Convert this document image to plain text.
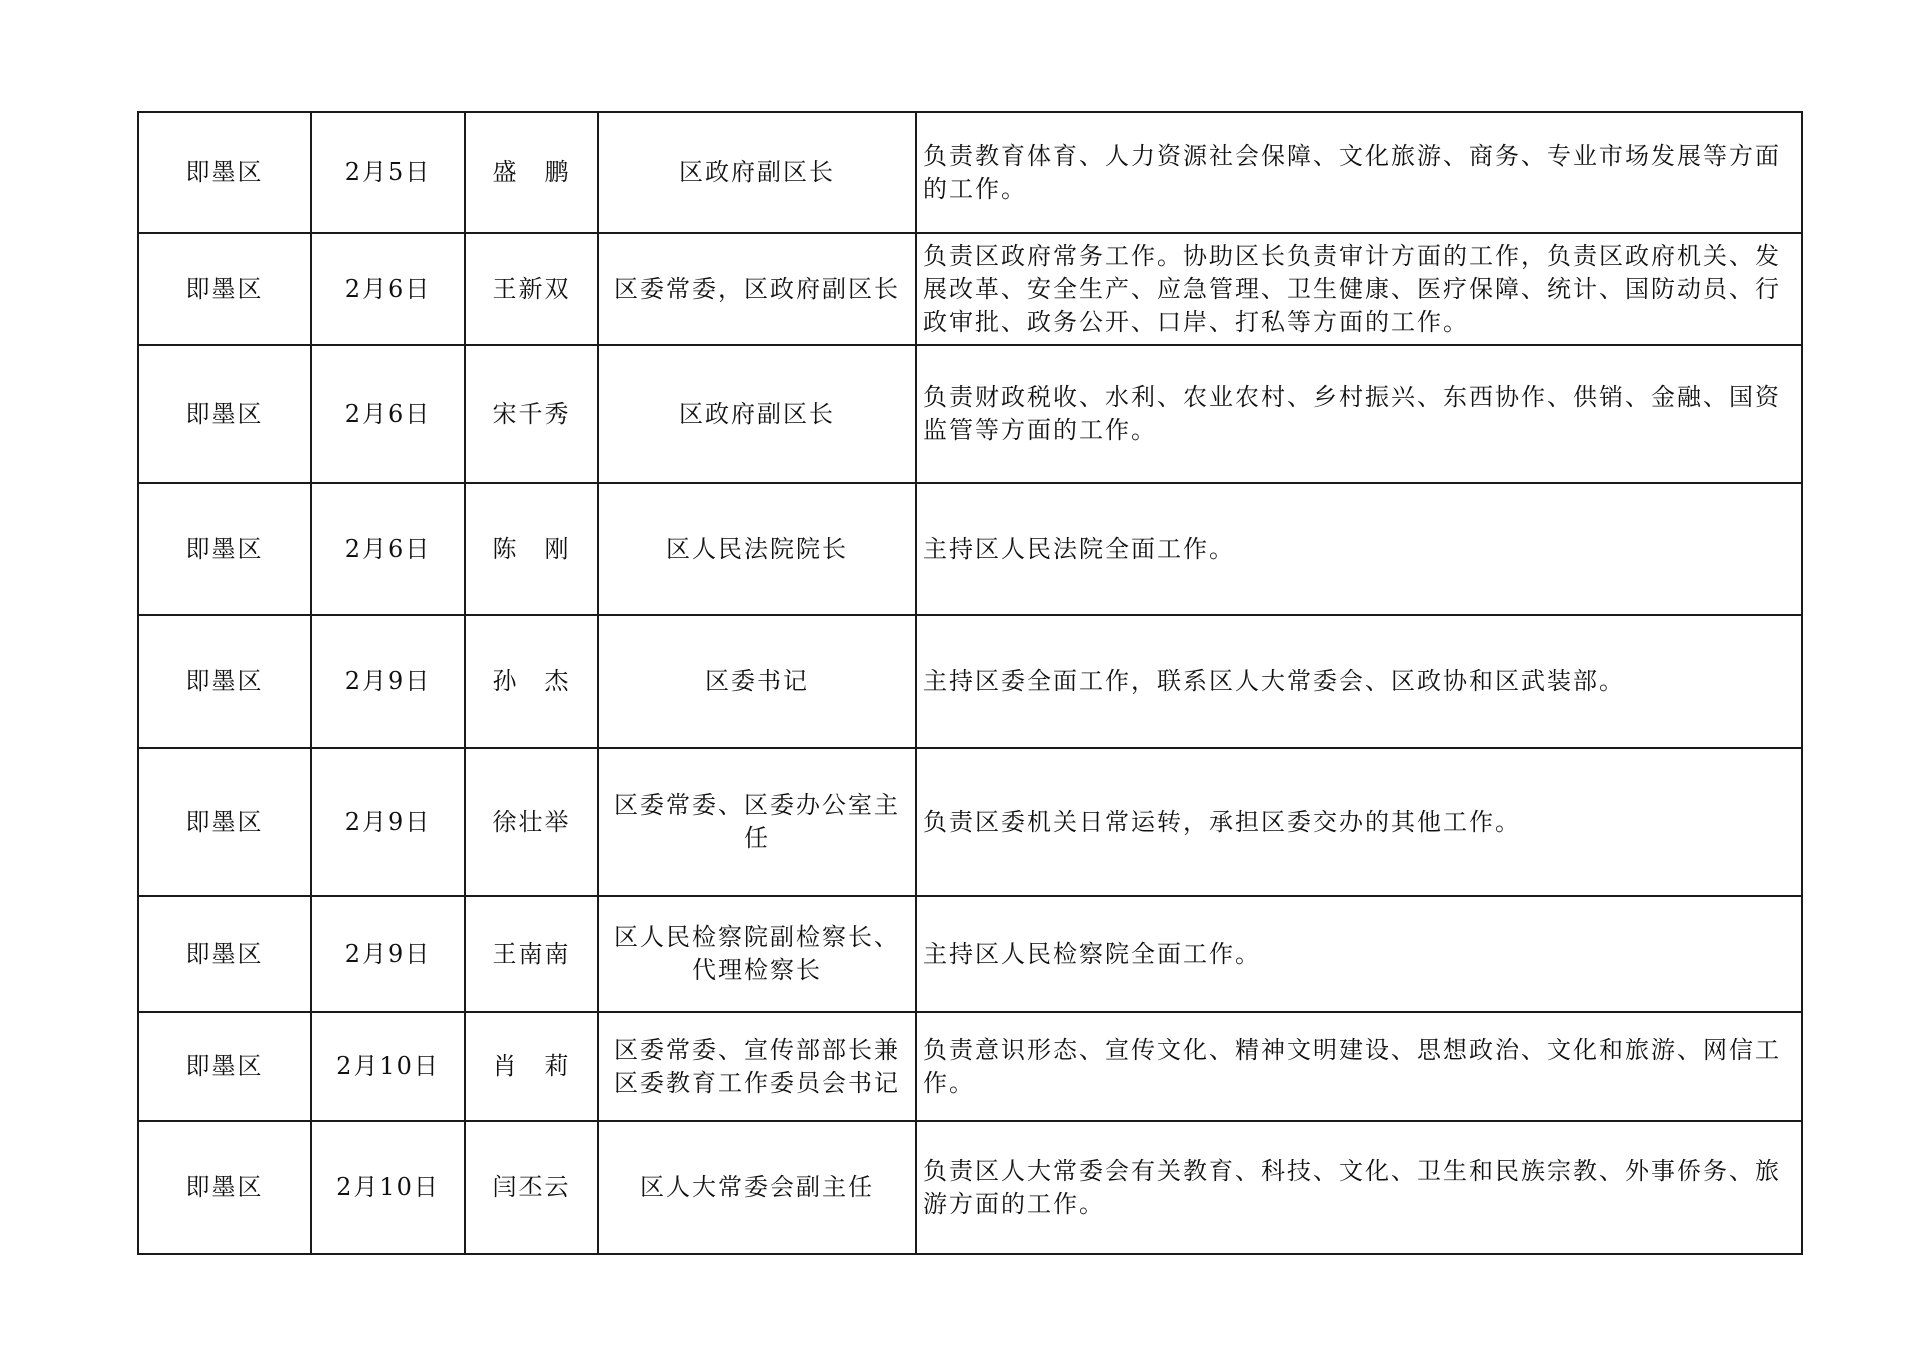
即墨区	2月5日	盛　鹏	区政府副区长	负责教育体育、人力资源社会保障、文化旅游、商务、专业市场发展等方面的工作。
即墨区	2月6日	王新双	区委常委，区政府副区长	负责区政府常务工作。协助区长负责审计方面的工作，负责区政府机关、发展改革、安全生产、应急管理、卫生健康、医疗保障、统计、国防动员、行政审批、政务公开、口岸、打私等方面的工作。
即墨区	2月6日	宋千秀	区政府副区长	负责财政税收、水利、农业农村、乡村振兴、东西协作、供销、金融、国资监管等方面的工作。
即墨区	2月6日	陈　刚	区人民法院院长	主持区人民法院全面工作。
即墨区	2月9日	孙　杰	区委书记	主持区委全面工作，联系区人大常委会、区政协和区武装部。
即墨区	2月9日	徐壮举	区委常委、区委办公室主任	负责区委机关日常运转，承担区委交办的其他工作。
即墨区	2月9日	王南南	区人民检察院副检察长、代理检察长	主持区人民检察院全面工作。
即墨区	2月10日	肖　莉	区委常委、宣传部部长兼区委教育工作委员会书记	负责意识形态、宣传文化、精神文明建设、思想政治、文化和旅游、网信工作。
即墨区	2月10日	闫丕云	区人大常委会副主任	负责区人大常委会有关教育、科技、文化、卫生和民族宗教、外事侨务、旅游方面的工作。
